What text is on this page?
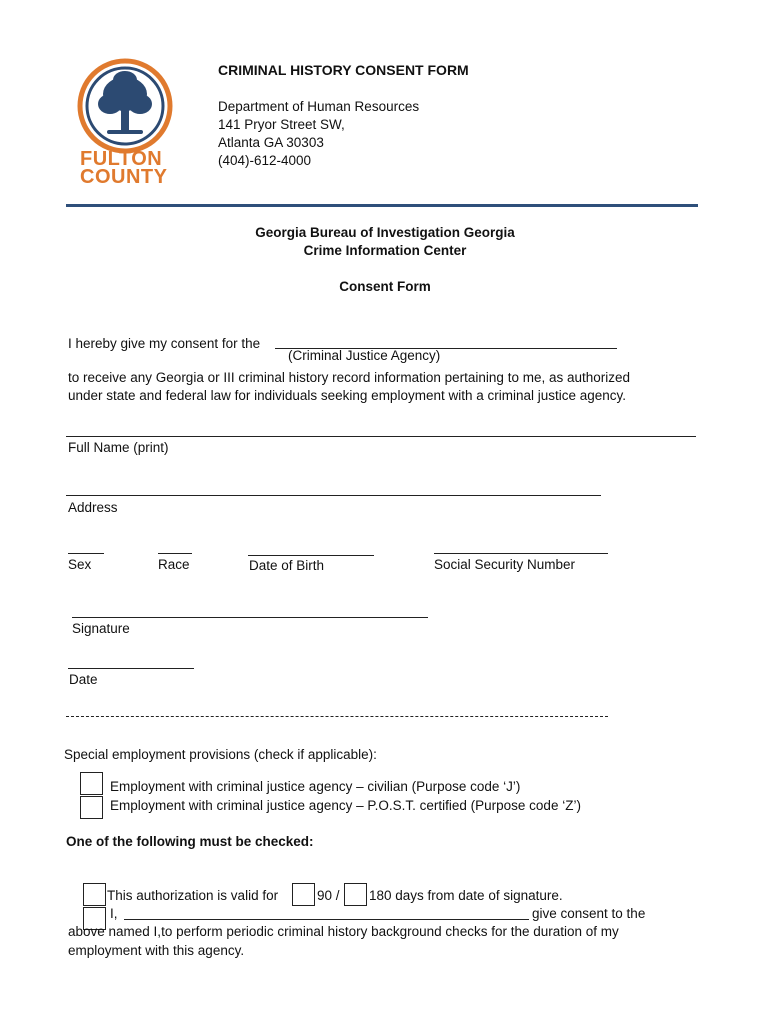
FULTON
COUNTY
CRIMINAL HISTORY CONSENT FORM
Department of Human Resources
141 Pryor Street SW,
Atlanta GA 30303
(404)-612-4000
Georgia Bureau of Investigation Georgia
Crime Information Center
Consent Form
I hereby give my consent for the
(Criminal Justice Agency)
to receive any Georgia or III criminal history record information pertaining to me, as authorized
under state and federal law for individuals seeking employment with a criminal justice agency.
Full Name (print)
Address
Sex	Race	Date of Birth	Social Security Number
Signature
Date
Special employment provisions (check if applicable):
Employment with criminal justice agency – civilian (Purpose code ‘J’)
Employment with criminal justice agency – P.O.S.T. certified (Purpose code ‘Z’)
One of the following must be checked:
This authorization is valid for	90 / 180 days from date of signature.
I,	give consent to the
above named I,to perform periodic criminal history background checks for the duration of my
employment with this agency.
